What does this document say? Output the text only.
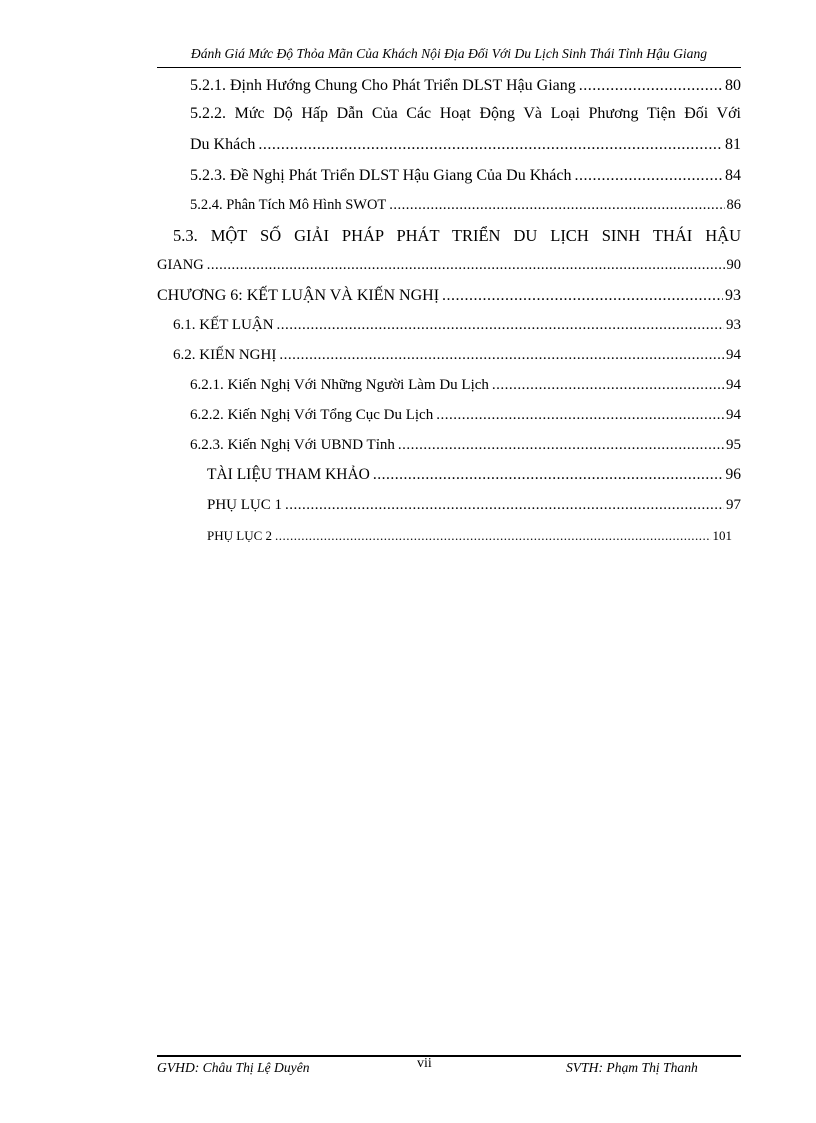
Đánh Giá Mức Độ Thỏa Mãn Của Khách Nội Địa Đối Với Du Lịch Sinh Thái Tỉnh Hậu Giang
5.2.1. Định Hướng Chung Cho Phát Triển DLST Hậu Giang .....	80
5.2.2. Mức Dộ Hấp Dẫn Của Các Hoạt Động Và Loại Phương Tiện Đối Với
Du Khách .....	81
5.2.3. Đề Nghị Phát Triển DLST Hậu Giang Của Du Khách .....	84
5.2.4. Phân Tích Mô Hình SWOT .....	86
5.3. MỘT SỐ GIẢI PHÁP PHÁT TRIỂN DU LỊCH SINH THÁI HẬU
GIANG .....	90
CHƯƠNG 6: KẾT LUẬN VÀ KIẾN NGHỊ .....	93
6.1. KẾT LUẬN .....	93
6.2. KIẾN NGHỊ .....	94
6.2.1. Kiến Nghị Với Những Người Làm Du Lịch .....	94
6.2.2. Kiến Nghị Với Tổng Cục Du Lịch .....	94
6.2.3. Kiến Nghị Với UBND Tỉnh .....	95
TÀI LIỆU THAM KHẢO .....	96
PHỤ LỤC 1 .....	97
PHỤ LỤC 2 .....	101
GVHD: Châu Thị Lệ Duyên	vii	SVTH: Phạm Thị Thanh
